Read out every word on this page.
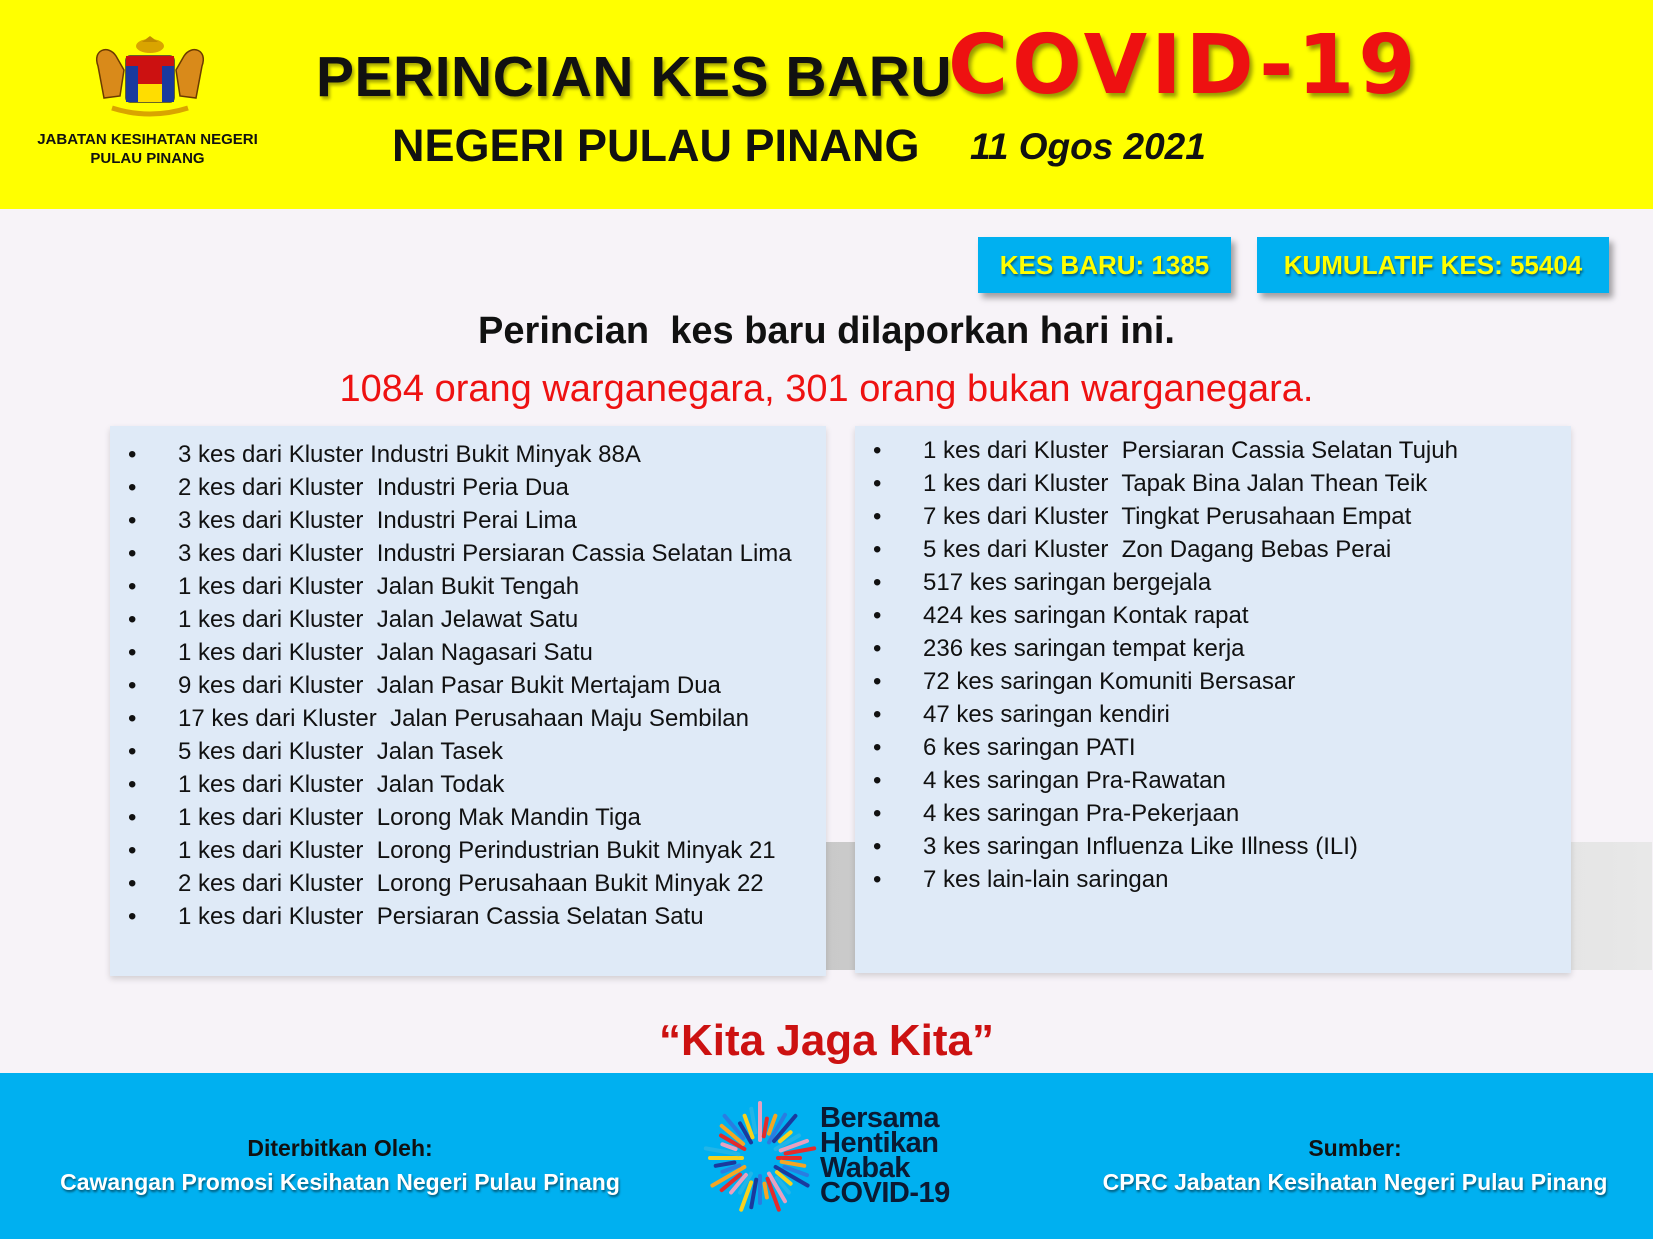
JABATAN KESIHATAN NEGERI
PULAU PINANG
PERINCIAN KES BARU
COVID-19
NEGERI PULAU PINANG 11 Ogos 2021
KES BARU: 1385	KUMULATIF KES: 55404
Perincian  kes baru dilaporkan hari ini.
1084 orang warganegara, 301 orang bukan warganegara.
• 3 kes dari Kluster Industri Bukit Minyak 88A
• 2 kes dari Kluster  Industri Peria Dua
• 3 kes dari Kluster  Industri Perai Lima
• 3 kes dari Kluster  Industri Persiaran Cassia Selatan Lima
• 1 kes dari Kluster  Jalan Bukit Tengah
• 1 kes dari Kluster  Jalan Jelawat Satu
• 1 kes dari Kluster  Jalan Nagasari Satu
• 9 kes dari Kluster  Jalan Pasar Bukit Mertajam Dua
• 17 kes dari Kluster  Jalan Perusahaan Maju Sembilan
• 5 kes dari Kluster  Jalan Tasek
• 1 kes dari Kluster  Jalan Todak
• 1 kes dari Kluster  Lorong Mak Mandin Tiga
• 1 kes dari Kluster  Lorong Perindustrian Bukit Minyak 21
• 2 kes dari Kluster  Lorong Perusahaan Bukit Minyak 22
• 1 kes dari Kluster  Persiaran Cassia Selatan Satu
• 1 kes dari Kluster  Persiaran Cassia Selatan Tujuh
• 1 kes dari Kluster  Tapak Bina Jalan Thean Teik
• 7 kes dari Kluster  Tingkat Perusahaan Empat
• 5 kes dari Kluster  Zon Dagang Bebas Perai
• 517 kes saringan bergejala
• 424 kes saringan Kontak rapat
• 236 kes saringan tempat kerja
• 72 kes saringan Komuniti Bersasar
• 47 kes saringan kendiri
• 6 kes saringan PATI
• 4 kes saringan Pra-Rawatan
• 4 kes saringan Pra-Pekerjaan
• 3 kes saringan Influenza Like Illness (ILI)
• 7 kes lain-lain saringan
“Kita Jaga Kita”
Diterbitkan Oleh:
Cawangan Promosi Kesihatan Negeri Pulau Pinang
Sumber:
CPRC Jabatan Kesihatan Negeri Pulau Pinang
Bersama
Hentikan
Wabak
COVID-19
